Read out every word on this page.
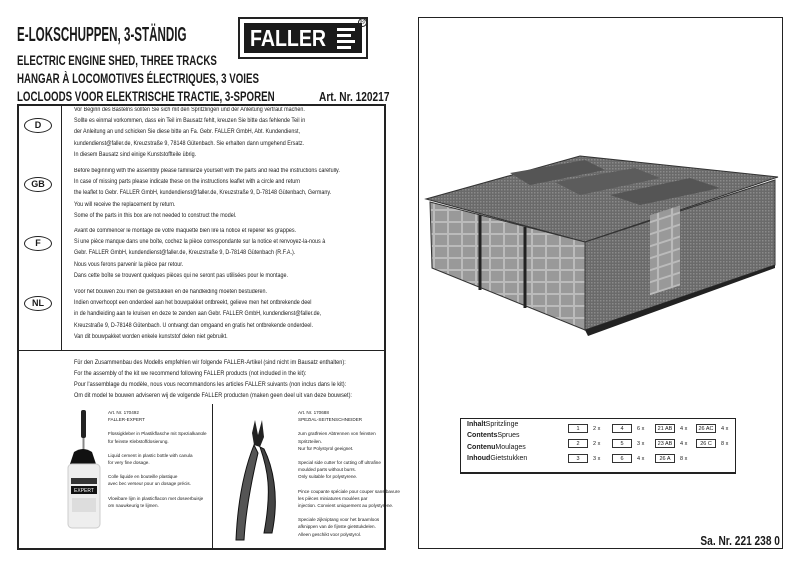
E-LOKSCHUPPEN, 3-STÄNDIG
ELECTRIC ENGINE SHED, THREE TRACKS
HANGAR À LOCOMOTIVES ÉLECTRIQUES, 3 VOIES
LOCLOODS VOOR ELEKTRISCHE TRACTIE, 3-SPOREN
FALLER
®
Art. Nr. 120217
D
Vor Beginn des Bastelns sollten Sie sich mit den Spritzlingen und der Anleitung vertraut machen.
Sollte es einmal vorkommen, dass ein Teil im Bausatz fehlt, kreuzen Sie bitte das fehlende Teil in
der Anleitung an und schicken Sie diese bitte an Fa. Gebr. FALLER GmbH, Abt. Kundendienst,
kundendienst@faller.de, Kreuzstraße 9, 78148 Gütenbach. Sie erhalten dann umgehend Ersatz.
In diesem Bausatz sind einige Kunststoffteile übrig.
GB
Before beginning with the assembly please familiarize yourself with the parts and read the instructions carefully.
In case of missing parts please indicate these on the instructions leaflet with a circle and return
the leaflet to Gebr. FALLER GmbH, kundendienst@faller.de, Kreuzstraße 9, D-78148 Gütenbach, Germany.
You will receive the replacement by return.
Some of the parts in this box are not needed to construct the model.
F
Avant de commencer le montage de votre maquette bien lire la notice et repérer les grappes.
Si une pièce manque dans une boîte, cochez la pièce correspondante sur la notice et renvoyez-la-nous à
Gebr. FALLER GmbH, kundendienst@faller.de, Kreuzstraße 9, D-78148 Gütenbach (R.F.A.).
Nous vous ferons parvenir la pièce par retour.
Dans cette boîte se trouvent quelques pièces qui ne seront pas utilisées pour le montage.
NL
Vóór het bouwen zou men de gietstukken en de handleiding moeten bestuderen.
Indien onverhoopt een onderdeel aan het bouwpakket ontbreekt, gelieve men het ontbrekende deel
in de handleiding aan te kruisen en deze te zenden aan Gebr. FALLER GmbH, kundendienst@faller.de,
Kreuzstraße 9, D-78148 Gütenbach. U ontvangt dan omgaand en gratis het ontbrekende onderdeel.
Van dit bouwpakket worden enkele kunststof delen niet gebruikt.
Für den Zusammenbau des Modells empfehlen wir folgende FALLER-Artikel (sind nicht im Bausatz enthalten):
For the assembly of the kit we recommend following FALLER products (not included in the kit):
Pour l'assemblage du modèle, nous vous recommandons les articles FALLER suivants (non inclus dans le kit):
Om dit model te bouwen adviseren wij de volgende FALLER producten (maken geen deel uit van deze bouwset):
EXPERT
Art. Nr. 170492
FALLER-EXPERT

Flüssigkleber in Plastikflasche mit Spezialkanüle
für feinste Klebstoffdosierung.

Liquid cement in plastic bottle with canula
for very fine dosage.

Colle liquide en bouteille plastique
avec bec verseur pour un dosage précis.

Vloeibare lijm in plasticflacon met doseerbuisje
om nauwkeurig te lijmen.

Art. Nr. 170688
SPEZIAL-SEITENSCHNEIDER

zum gratfreien Abtrennen von feinsten
Spritzteilen.
Nur für Polystyrol geeignet.

Special side cutter for cutting off ultrafine
moulded parts without burrs.
Only suitable for polystyrene.

Pince coupante spéciale pour couper sans bavure
les pièces miniatures moulées par
injection. Convient uniquement au polystyrène.

Speciale zijkniptang voor het braamloos
afknippen van de fijnste gietstukdelen.
Alleen geschikt voor polystyrol.

InhaltSpritzlinge
ContentsSprues
ContenuMoulages
InhoudGietstukken
1	2 x	4	6 x	21 AB	4 x	26 AC	4 x
2	2 x	5	3 x	23 AB	4 x	26 C	8 x
3	3 x	6	4 x	26 A	8 x
Sa. Nr. 221 238 0
